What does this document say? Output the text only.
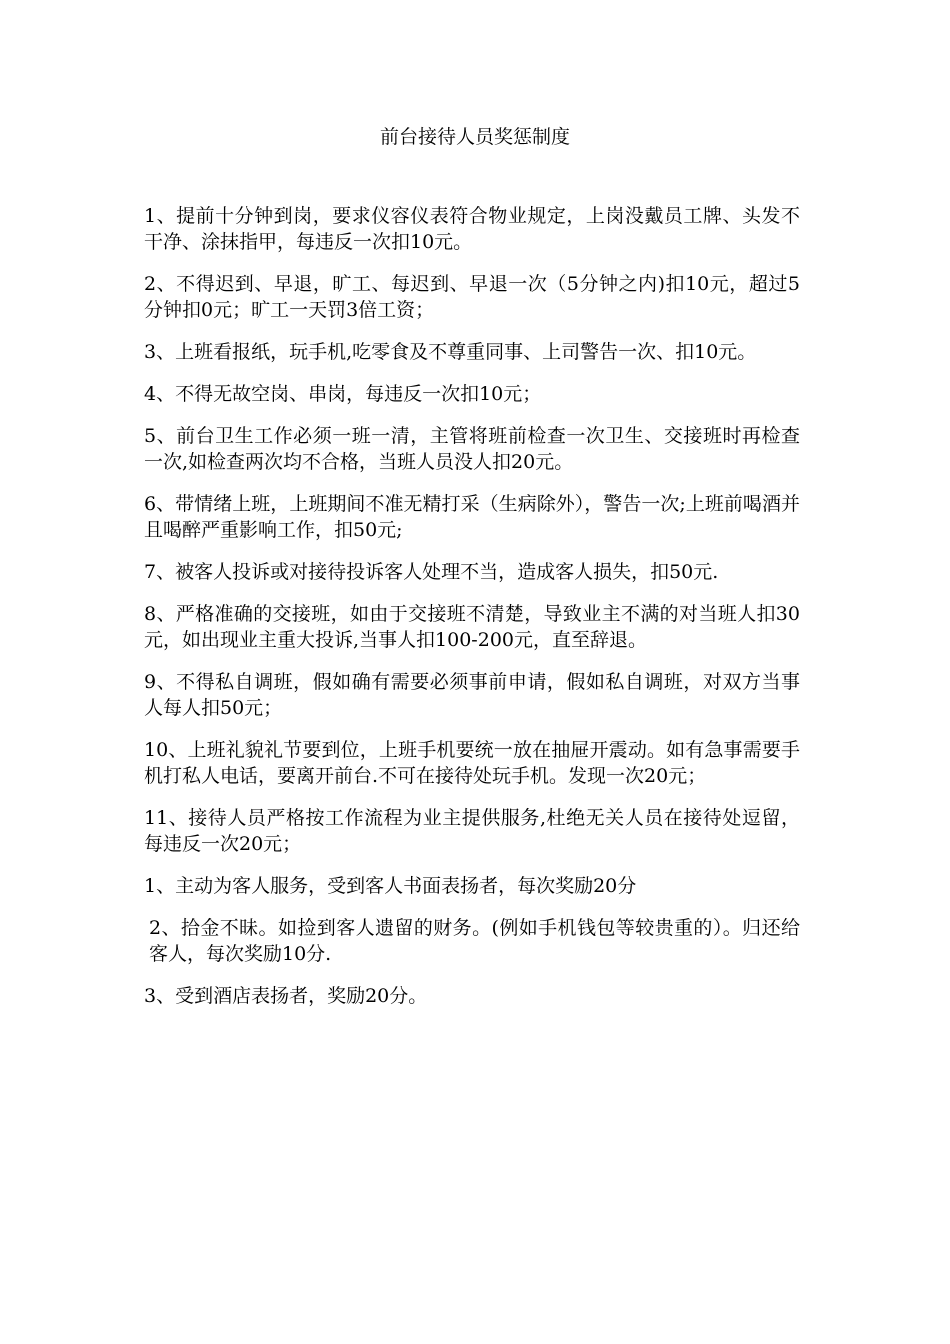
前台接待人员奖惩制度

1、提前十分钟到岗，要求仪容仪表符合物业规定，上岗没戴员工牌、头发不干净、涂抹指甲，每违反一次扣10元。

2、不得迟到、早退，旷工、每迟到、早退一次（5分钟之内)扣10元，超过5分钟扣0元；旷工一天罚3倍工资；

3、上班看报纸，玩手机,吃零食及不尊重同事、上司警告一次、扣10元。

4、不得无故空岗、串岗，每违反一次扣10元；

5、前台卫生工作必须一班一清，主管将班前检查一次卫生、交接班时再检查一次,如检查两次均不合格，当班人员没人扣20元。

6、带情绪上班，上班期间不准无精打采（生病除外），警告一次;上班前喝酒并且喝醉严重影响工作，扣50元;

7、被客人投诉或对接待投诉客人处理不当，造成客人损失，扣50元.

8、严格准确的交接班，如由于交接班不清楚，导致业主不满的对当班人扣30元，如出现业主重大投诉,当事人扣100-200元，直至辞退。

9、不得私自调班，假如确有需要必须事前申请，假如私自调班，对双方当事人每人扣50元；

10、上班礼貌礼节要到位，上班手机要统一放在抽屉开震动。如有急事需要手机打私人电话，要离开前台.不可在接待处玩手机。发现一次20元；

11、接待人员严格按工作流程为业主提供服务,杜绝无关人员在接待处逗留，每违反一次20元；

1、主动为客人服务，受到客人书面表扬者，每次奖励20分

2、拾金不昧。如捡到客人遗留的财务。(例如手机钱包等较贵重的）。归还给客人，每次奖励10分.

3、受到酒店表扬者，奖励20分。
